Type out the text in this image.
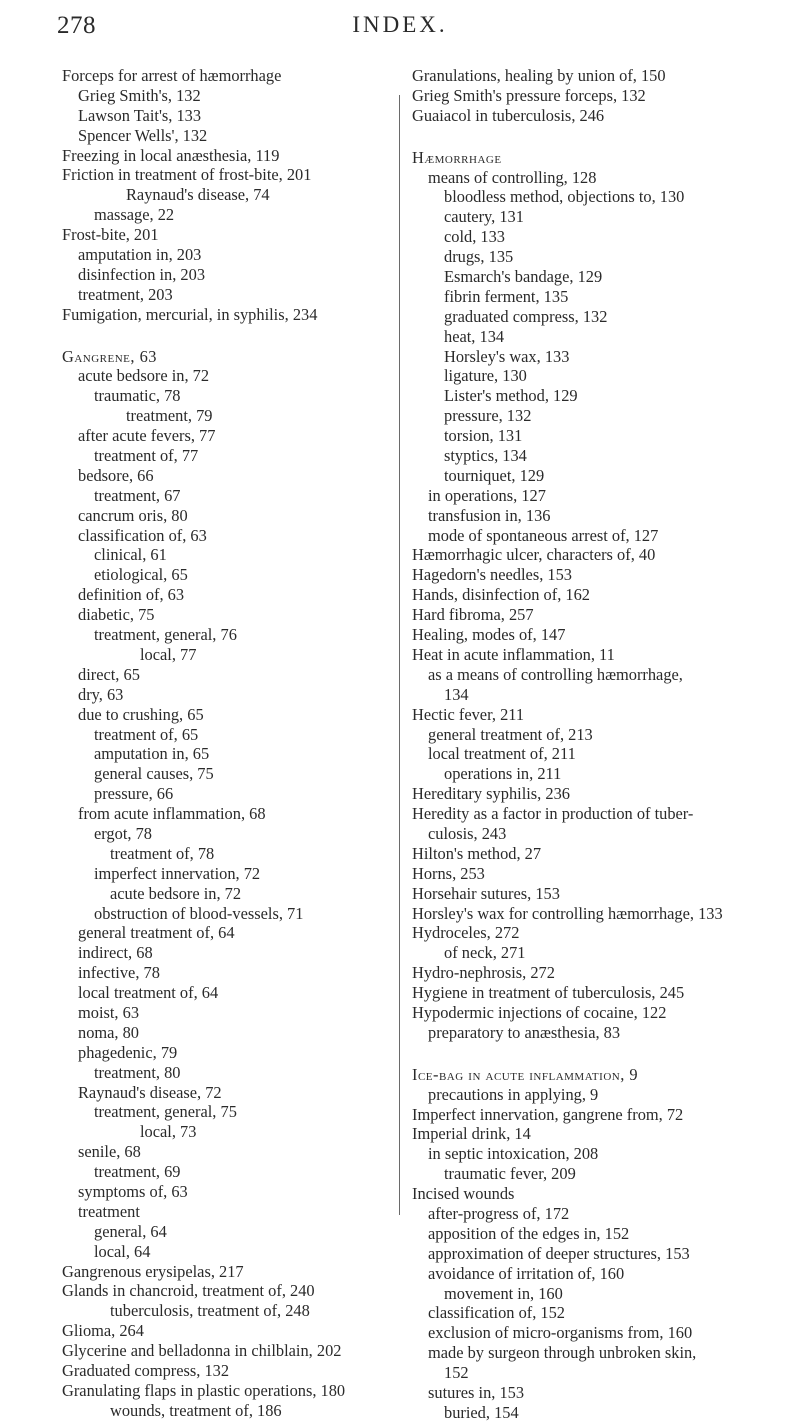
278	INDEX.
Forceps for arrest of hæmorrhage
Grieg Smith's, 132
Lawson Tait's, 133
Spencer Wells', 132
Freezing in local anæsthesia, 119
Friction in treatment of frost-bite, 201
Raynaud's disease, 74
massage, 22
Frost-bite, 201
amputation in, 203
disinfection in, 203
treatment, 203
Fumigation, mercurial, in syphilis, 234
Gangrene, 63
acute bedsore in, 72
traumatic, 78
treatment, 79
after acute fevers, 77
treatment of, 77
bedsore, 66
treatment, 67
cancrum oris, 80
classification of, 63
clinical, 61
etiological, 65
definition of, 63
diabetic, 75
treatment, general, 76
local, 77
direct, 65
dry, 63
due to crushing, 65
treatment of, 65
amputation in, 65
general causes, 75
pressure, 66
from acute inflammation, 68
ergot, 78
treatment of, 78
imperfect innervation, 72
acute bedsore in, 72
obstruction of blood-vessels, 71
general treatment of, 64
indirect, 68
infective, 78
local treatment of, 64
moist, 63
noma, 80
phagedenic, 79
treatment, 80
Raynaud's disease, 72
treatment, general, 75
local, 73
senile, 68
treatment, 69
symptoms of, 63
treatment
general, 64
local, 64
Gangrenous erysipelas, 217
Glands in chancroid, treatment of, 240
tuberculosis, treatment of, 248
Glioma, 264
Glycerine and belladonna in chilblain, 202
Graduated compress, 132
Granulating flaps in plastic operations, 180
wounds, treatment of, 186
Granulations, healing by union of, 150
Grieg Smith's pressure forceps, 132
Guaiacol in tuberculosis, 246
Hæmorrhage
means of controlling, 128
bloodless method, objections to, 130
cautery, 131
cold, 133
drugs, 135
Esmarch's bandage, 129
fibrin ferment, 135
graduated compress, 132
heat, 134
Horsley's wax, 133
ligature, 130
Lister's method, 129
pressure, 132
torsion, 131
styptics, 134
tourniquet, 129
in operations, 127
transfusion in, 136
mode of spontaneous arrest of, 127
Hæmorrhagic ulcer, characters of, 40
Hagedorn's needles, 153
Hands, disinfection of, 162
Hard fibroma, 257
Healing, modes of, 147
Heat in acute inflammation, 11
as a means of controlling hæmorrhage,
134
Hectic fever, 211
general treatment of, 213
local treatment of, 211
operations in, 211
Hereditary syphilis, 236
Heredity as a factor in production of tuber-
culosis, 243
Hilton's method, 27
Horns, 253
Horsehair sutures, 153
Horsley's wax for controlling hæmorrhage, 133
Hydroceles, 272
of neck, 271
Hydro-nephrosis, 272
Hygiene in treatment of tuberculosis, 245
Hypodermic injections of cocaine, 122
preparatory to anæsthesia, 83
Ice-bag in acute inflammation, 9
precautions in applying, 9
Imperfect innervation, gangrene from, 72
Imperial drink, 14
in septic intoxication, 208
traumatic fever, 209
Incised wounds
after-progress of, 172
apposition of the edges in, 152
approximation of deeper structures, 153
avoidance of irritation of, 160
movement in, 160
classification of, 152
exclusion of micro-organisms from, 160
made by surgeon through unbroken skin,
152
sutures in, 153
buried, 154
